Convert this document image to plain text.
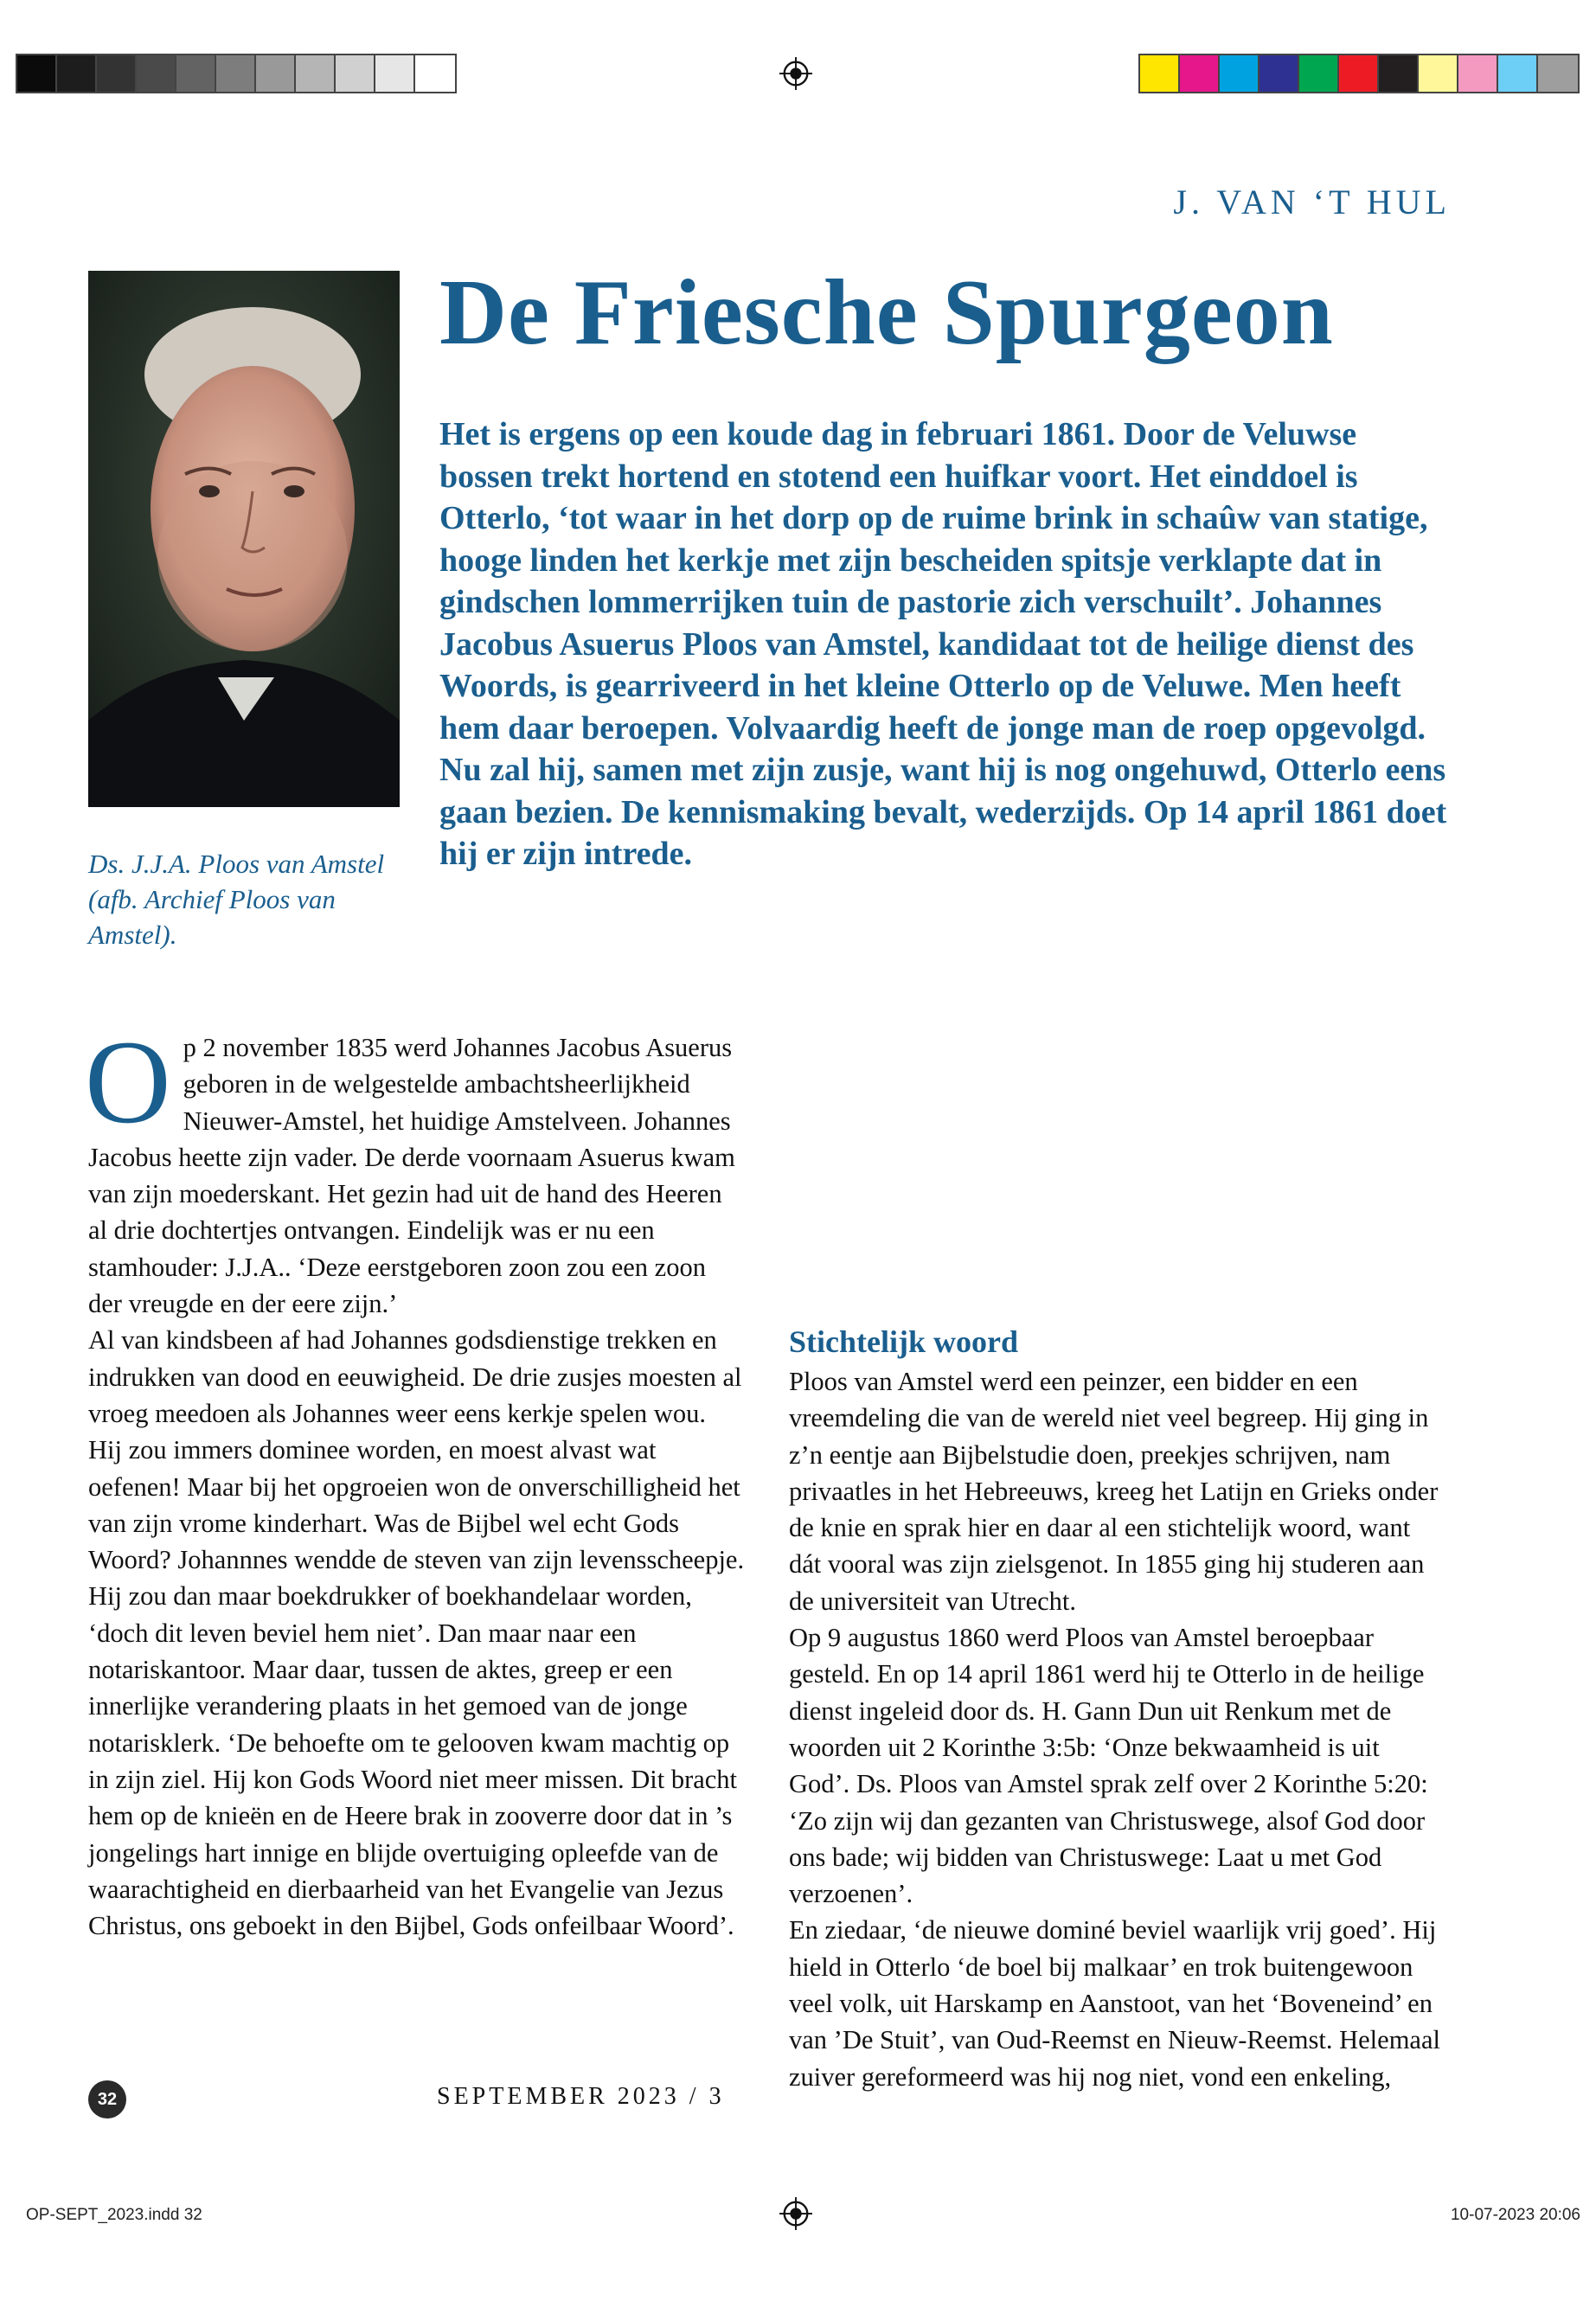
J. VAN ‘T HUL
De Friesche Spurgeon

Ds. J.J.A. Ploos van Amstel (afb. Archief Ploos van Amstel).

Het is ergens op een koude dag in februari 1861. Door de Veluwse bossen trekt hortend en stotend een huifkar voort. Het einddoel is Otterlo, ‘tot waar in het dorp op de ruime brink in schaûw van statige, hooge linden het kerkje met zijn bescheiden spitsje verklapte dat in gindschen lommerrijken tuin de pastorie zich verschuilt’. Johannes Jacobus Asuerus Ploos van Amstel, kandidaat tot de heilige dienst des Woords, is gearriveerd in het kleine Otterlo op de Veluwe. Men heeft hem daar beroepen. Volvaardig heeft de jonge man de roep opgevolgd. Nu zal hij, samen met zijn zusje, want hij is nog ongehuwd, Otterlo eens gaan bezien. De kennismaking bevalt, wederzijds. Op 14 april 1861 doet hij er zijn intrede.

O p 2 november 1835 werd Johannes Jacobus Asuerus geboren in de welgestelde ambachtsheerlijkheid Nieuwer-Amstel, het huidige Amstelveen. Johannes Jacobus heette zijn vader. De derde voornaam Asuerus kwam van zijn moederskant. Het gezin had uit de hand des Heeren al drie dochtertjes ontvangen. Eindelijk was er nu een stamhouder: J.J.A.. ‘Deze eerstgeboren zoon zou een zoon der vreugde en der eere zijn.’

Al van kindsbeen af had Johannes godsdienstige trekken en indrukken van dood en eeuwigheid. De drie zusjes moesten al vroeg meedoen als Johannes weer eens kerkje spelen wou. Hij zou immers dominee worden, en moest alvast wat oefenen! Maar bij het opgroeien won de onverschilligheid het van zijn vrome kinderhart. Was de Bijbel wel echt Gods Woord? Johannnes wendde de steven van zijn levensscheepje. Hij zou dan maar boekdrukker of boekhandelaar worden, ‘doch dit leven beviel hem niet’. Dan maar naar een notariskantoor. Maar daar, tussen de aktes, greep er een innerlijke verandering plaats in het gemoed van de jonge notarisklerk. ‘De behoefte om te gelooven kwam machtig op in zijn ziel. Hij kon Gods Woord niet meer missen. Dit bracht hem op de knieën en de Heere brak in zooverre door dat in ’s jongelings hart innige en blijde overtuiging opleefde van de waarachtigheid en dierbaarheid van het Evangelie van Jezus Christus, ons geboekt in den Bijbel, Gods onfeilbaar Woord’.

Stichtelijk woord

Ploos van Amstel werd een peinzer, een bidder en een vreemdeling die van de wereld niet veel begreep. Hij ging in z’n eentje aan Bijbelstudie doen, preekjes schrijven, nam privaatles in het Hebreeuws, kreeg het Latijn en Grieks onder de knie en sprak hier en daar al een stichtelijk woord, want dát vooral was zijn zielsgenot. In 1855 ging hij studeren aan de universiteit van Utrecht.

Op 9 augustus 1860 werd Ploos van Amstel beroepbaar gesteld. En op 14 april 1861 werd hij te Otterlo in de heilige dienst ingeleid door ds. H. Gann Dun uit Renkum met de woorden uit 2 Korinthe 3:5b: ‘Onze bekwaamheid is uit God’. Ds. Ploos van Amstel sprak zelf over 2 Korinthe 5:20: ‘Zo zijn wij dan gezanten van Christuswege, alsof God door ons bade; wij bidden van Christuswege: Laat u met God verzoenen’.

En ziedaar, ‘de nieuwe dominé beviel waarlijk vrij goed’. Hij hield in Otterlo ‘de boel bij malkaar’ en trok buitengewoon veel volk, uit Harskamp en Aanstoot, van het ‘Boveneind’ en van ’De Stuit’, van Oud-Reemst en Nieuw-Reemst. Helemaal zuiver gereformeerd was hij nog niet, vond een enkeling,

32	SEPTEMBER 2023 / 3
OP-SEPT_2023.indd 32	10-07-2023 20:06
